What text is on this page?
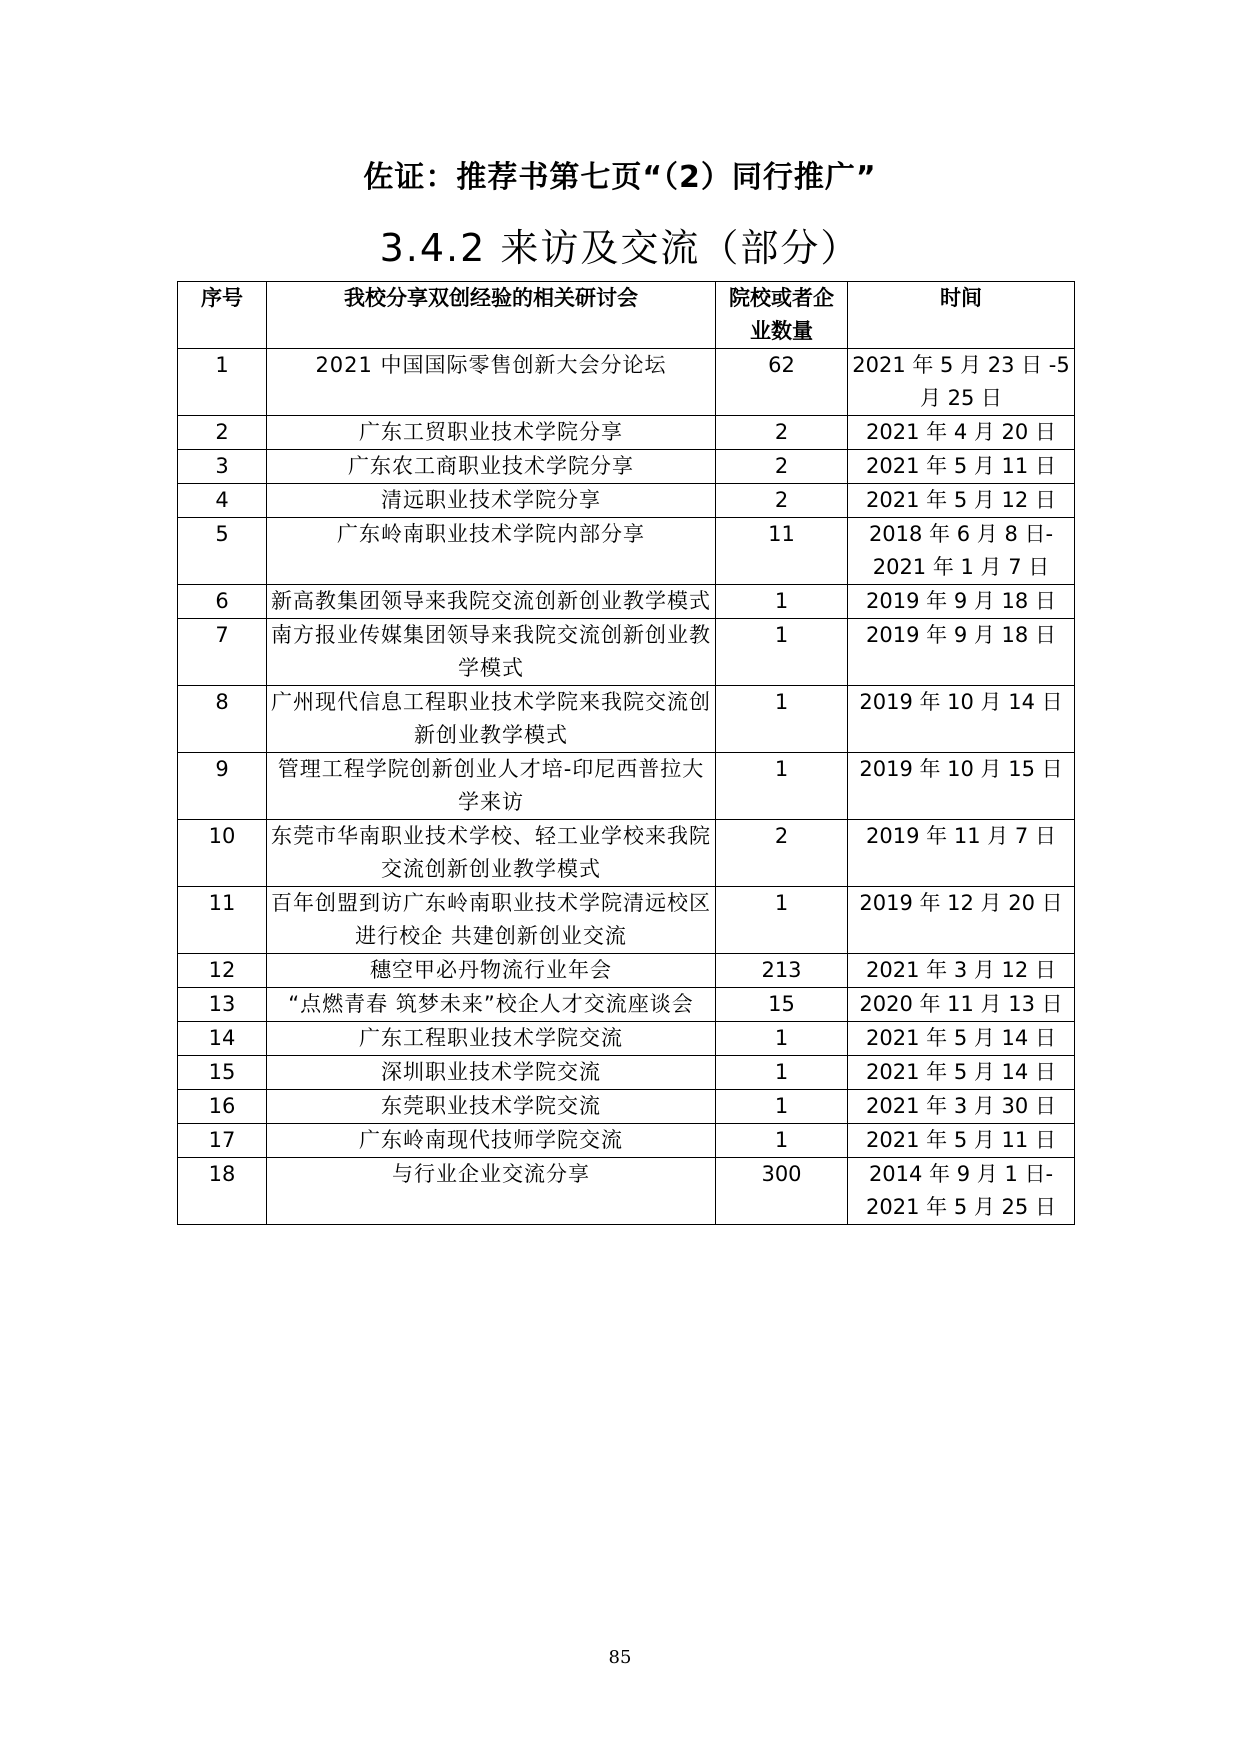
佐证：推荐书第七页“（2）同行推广”
3.4.2 来访及交流（部分）
序号	我校分享双创经验的相关研讨会	院校或者企业数量	时间
1	2021 中国国际零售创新大会分论坛	62	2021 年 5 月 23 日 -5 月 25 日
2	广东工贸职业技术学院分享	2	2021 年 4 月 20 日
3	广东农工商职业技术学院分享	2	2021 年 5 月 11 日
4	清远职业技术学院分享	2	2021 年 5 月 12 日
5	广东岭南职业技术学院内部分享	11	2018 年 6 月 8 日- 2021 年 1 月 7 日
6	新高教集团领导来我院交流创新创业教学模式	1	2019 年 9 月 18 日
7	南方报业传媒集团领导来我院交流创新创业教学模式	1	2019 年 9 月 18 日
8	广州现代信息工程职业技术学院来我院交流创新创业教学模式	1	2019 年 10 月 14 日
9	管理工程学院创新创业人才培-印尼西普拉大学来访	1	2019 年 10 月 15 日
10	东莞市华南职业技术学校、轻工业学校来我院交流创新创业教学模式	2	2019 年 11 月 7 日
11	百年创盟到访广东岭南职业技术学院清远校区进行校企 共建创新创业交流	1	2019 年 12 月 20 日
12	穗空甲必丹物流行业年会	213	2021 年 3 月 12 日
13	“点燃青春 筑梦未来”校企人才交流座谈会	15	2020 年 11 月 13 日
14	广东工程职业技术学院交流	1	2021 年 5 月 14 日
15	深圳职业技术学院交流	1	2021 年 5 月 14 日
16	东莞职业技术学院交流	1	2021 年 3 月 30 日
17	广东岭南现代技师学院交流	1	2021 年 5 月 11 日
18	与行业企业交流分享	300	2014 年 9 月 1 日- 2021 年 5 月 25 日
85
